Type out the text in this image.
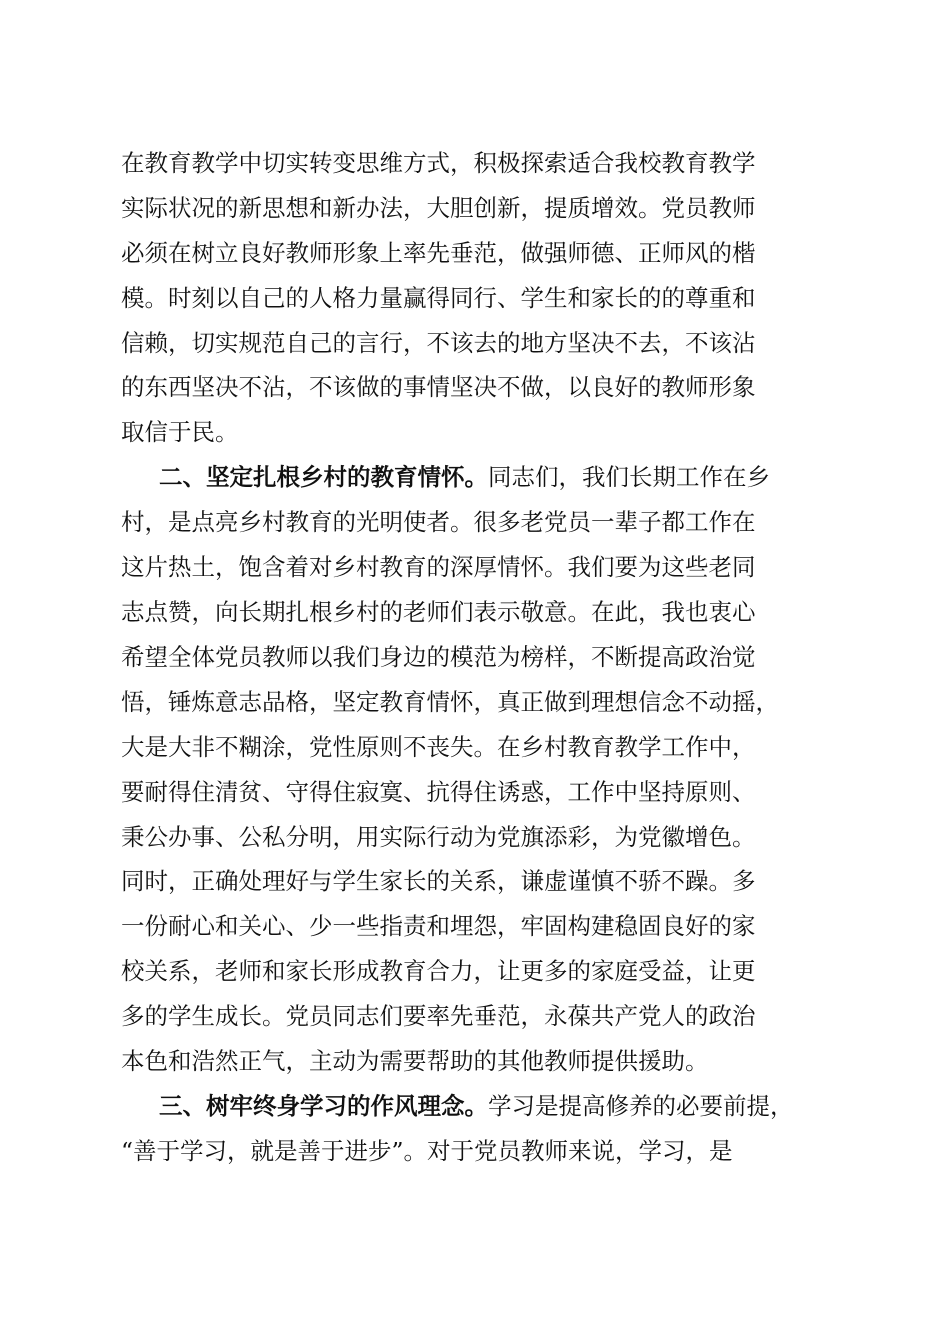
在教育教学中切实转变思维方式，积极探索适合我校教育教学
实际状况的新思想和新办法，大胆创新，提质增效。党员教师
必须在树立良好教师形象上率先垂范，做强师德、正师风的楷
模。时刻以自己的人格力量赢得同行、学生和家长的的尊重和
信赖，切实规范自己的言行，不该去的地方坚决不去，不该沾
的东西坚决不沾，不该做的事情坚决不做，以良好的教师形象
取信于民。
二、坚定扎根乡村的教育情怀。同志们，我们长期工作在乡
村，是点亮乡村教育的光明使者。很多老党员一辈子都工作在
这片热土，饱含着对乡村教育的深厚情怀。我们要为这些老同
志点赞，向长期扎根乡村的老师们表示敬意。在此，我也衷心
希望全体党员教师以我们身边的模范为榜样，不断提高政治觉
悟，锤炼意志品格，坚定教育情怀，真正做到理想信念不动摇，
大是大非不糊涂，党性原则不丧失。在乡村教育教学工作中，
要耐得住清贫、守得住寂寞、抗得住诱惑，工作中坚持原则、
秉公办事、公私分明，用实际行动为党旗添彩，为党徽增色。
同时，正确处理好与学生家长的关系，谦虚谨慎不骄不躁。多
一份耐心和关心、少一些指责和埋怨，牢固构建稳固良好的家
校关系，老师和家长形成教育合力，让更多的家庭受益，让更
多的学生成长。党员同志们要率先垂范，永葆共产党人的政治
本色和浩然正气，主动为需要帮助的其他教师提供援助。
三、树牢终身学习的作风理念。学习是提高修养的必要前提，
“善于学习，就是善于进步”。对于党员教师来说，学习，是
